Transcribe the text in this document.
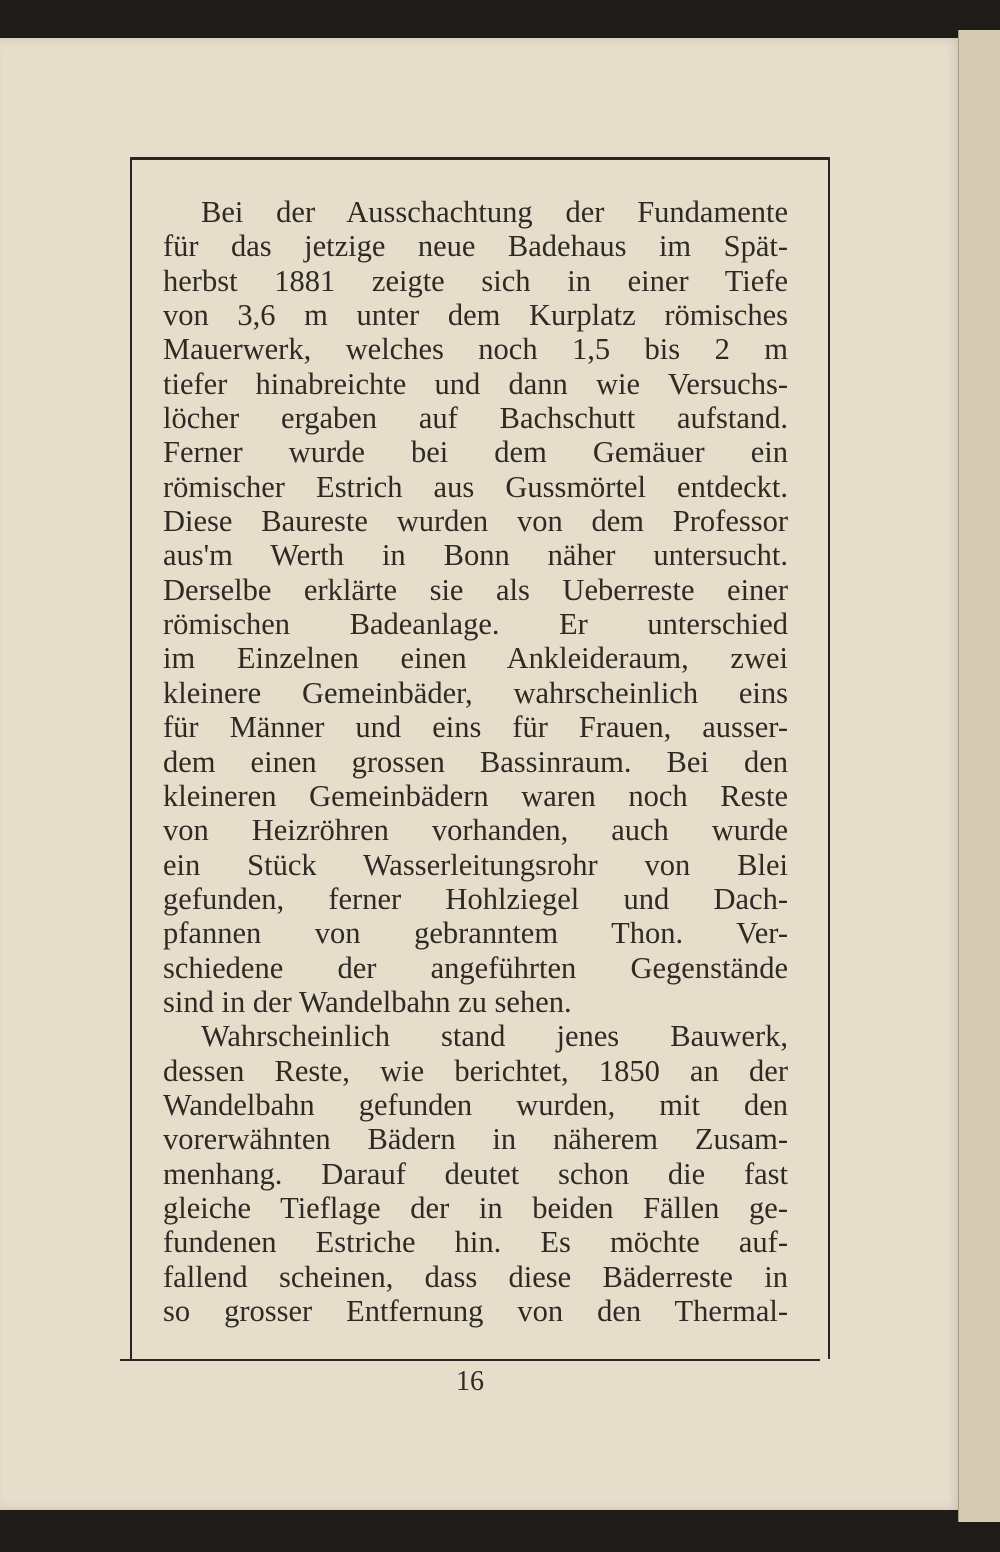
Bei der Ausschachtung der Fundamente
für das jetzige neue Badehaus im Spät-
herbst 1881 zeigte sich in einer Tiefe
von 3,6 m unter dem Kurplatz römisches
Mauerwerk, welches noch 1,5 bis 2 m
tiefer hinabreichte und dann wie Versuchs-
löcher ergaben auf Bachschutt aufstand.
Ferner wurde bei dem Gemäuer ein
römischer Estrich aus Gussmörtel entdeckt.
Diese Baureste wurden von dem Professor
aus'm Werth in Bonn näher untersucht.
Derselbe erklärte sie als Ueberreste einer
römischen Badeanlage. Er unterschied
im Einzelnen einen Ankleideraum, zwei
kleinere Gemeinbäder, wahrscheinlich eins
für Männer und eins für Frauen, ausser-
dem einen grossen Bassinraum. Bei den
kleineren Gemeinbädern waren noch Reste
von Heizröhren vorhanden, auch wurde
ein Stück Wasserleitungsrohr von Blei
gefunden, ferner Hohlziegel und Dach-
pfannen von gebranntem Thon. Ver-
schiedene der angeführten Gegenstände
sind in der Wandelbahn zu sehen.
Wahrscheinlich stand jenes Bauwerk,
dessen Reste, wie berichtet, 1850 an der
Wandelbahn gefunden wurden, mit den
vorerwähnten Bädern in näherem Zusam-
menhang. Darauf deutet schon die fast
gleiche Tieflage der in beiden Fällen ge-
fundenen Estriche hin. Es möchte auf-
fallend scheinen, dass diese Bäderreste in
so grosser Entfernung von den Thermal-
16
